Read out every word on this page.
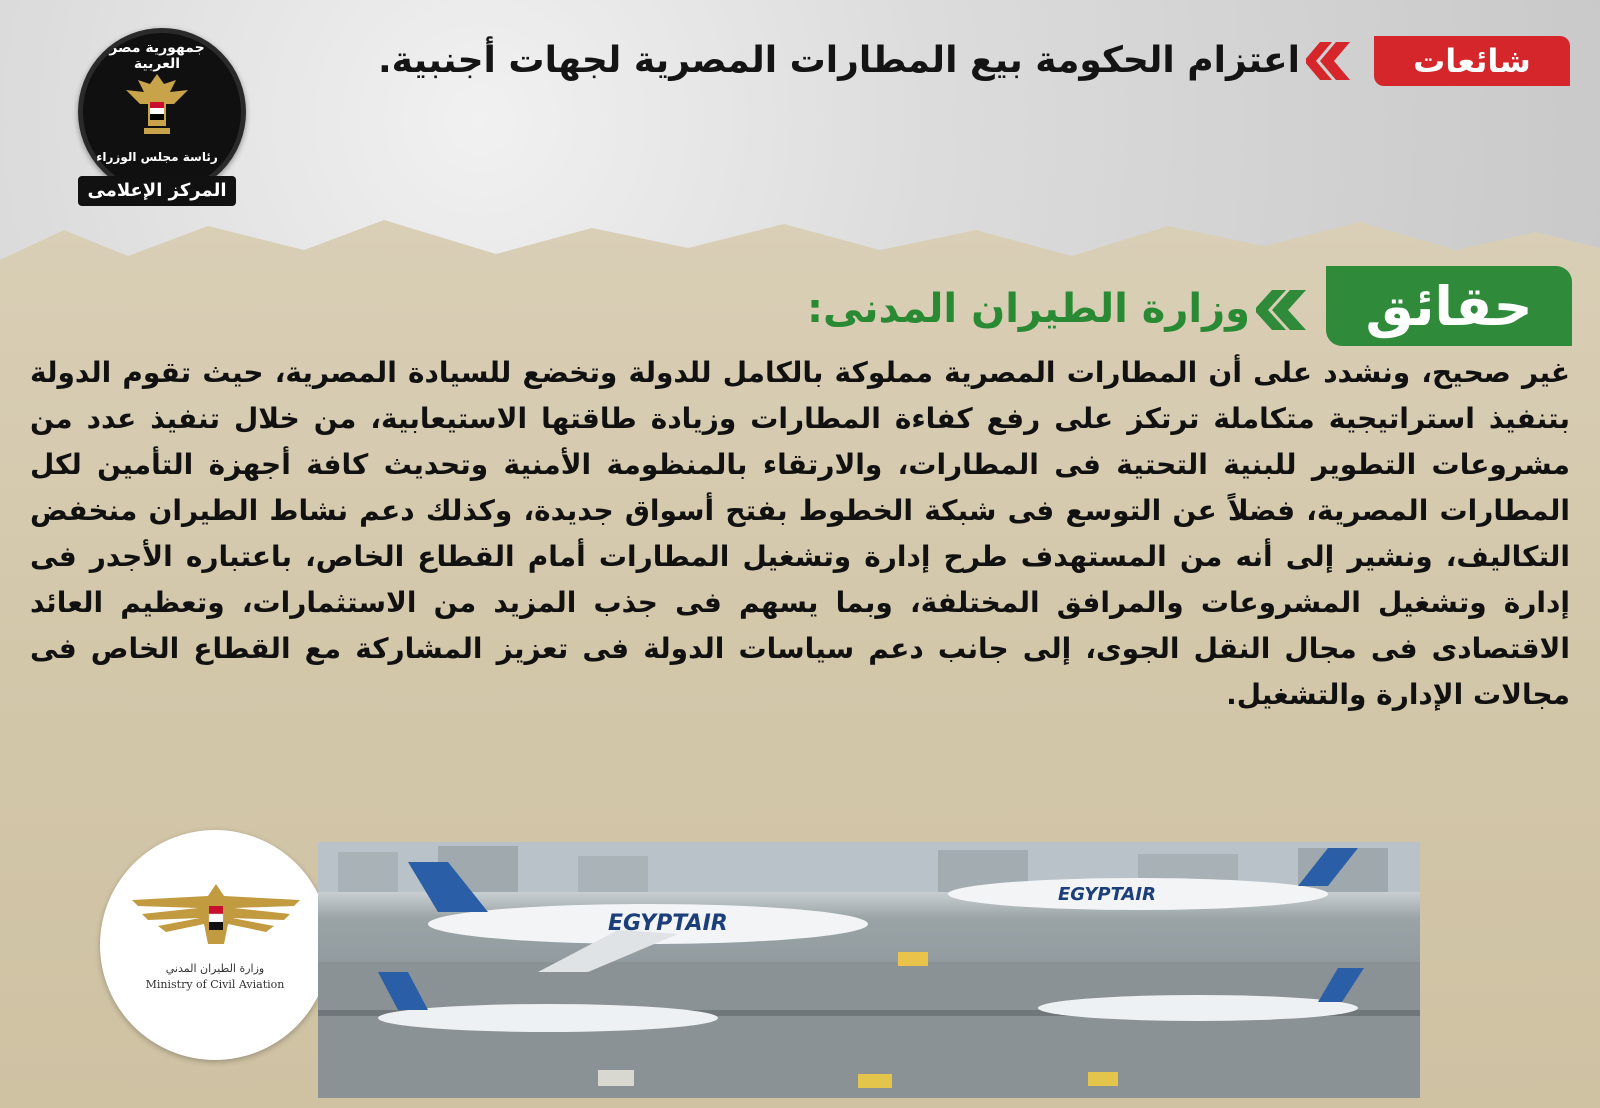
جمهورية مصر العربية
رئاسة مجلس الوزراء
المركز الإعلامى
شائعات
اعتزام الحكومة بيع المطارات المصرية لجهات أجنبية.
حقائق
وزارة الطيران المدنى:
غير صحيح، ونشدد على أن المطارات المصرية مملوكة بالكامل للدولة وتخضع للسيادة المصرية، حيث تقوم الدولة بتنفيذ استراتيجية متكاملة ترتكز على رفع كفاءة المطارات وزيادة طاقتها الاستيعابية، من خلال تنفيذ عدد من مشروعات التطوير للبنية التحتية فى المطارات، والارتقاء بالمنظومة الأمنية وتحديث كافة أجهزة التأمين لكل المطارات المصرية، فضلاً عن التوسع فى شبكة الخطوط بفتح أسواق جديدة، وكذلك دعم نشاط الطيران منخفض التكاليف، ونشير إلى أنه من المستهدف طرح إدارة وتشغيل المطارات أمام القطاع الخاص، باعتباره الأجدر فى إدارة وتشغيل المشروعات والمرافق المختلفة، وبما يسهم فى جذب المزيد من الاستثمارات، وتعظيم العائد الاقتصادى فى مجال النقل الجوى، إلى جانب دعم سياسات الدولة فى تعزيز المشاركة مع القطاع الخاص فى مجالات الإدارة والتشغيل.
وزارة الطيران المدني
Ministry of Civil Aviation
EGYPTAIR
EGYPTAIR
